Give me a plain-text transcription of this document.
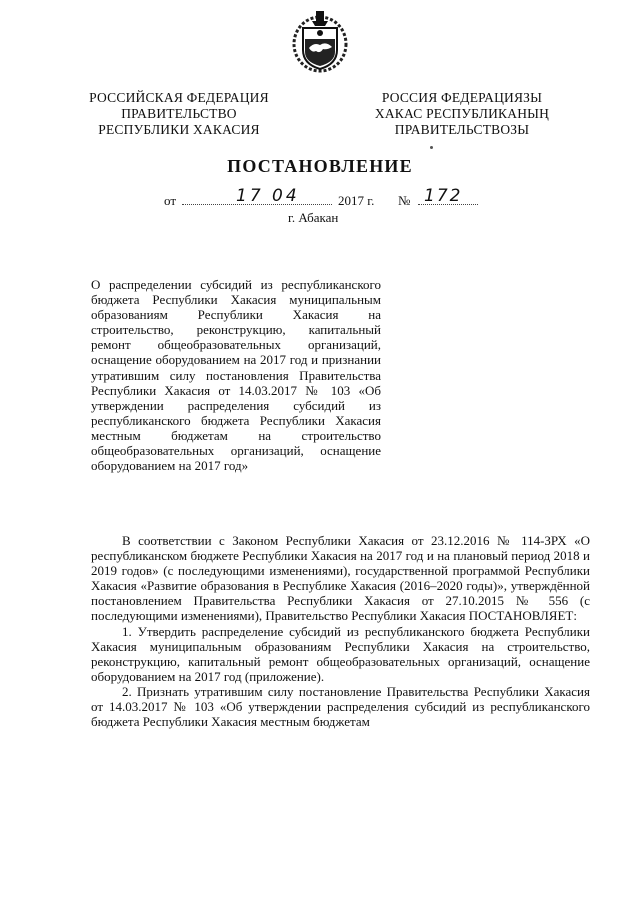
РОССИЙСКАЯ ФЕДЕРАЦИЯ
ПРАВИТЕЛЬСТВО
РЕСПУБЛИКИ ХАКАСИЯ
РОССИЯ ФЕДЕРАЦИЯЗЫ
ХАКАС РЕСПУБЛИКАНЫҢ
ПРАВИТЕЛЬСТВОЗЫ
ПОСТАНОВЛЕНИЕ
от	17 04	2017 г. № 172
г. Абакан
О распределении субсидий из республиканского бюджета Республики Хакасия муниципальным образованиям Республики Хакасия на строительство, реконструкцию, капитальный ремонт общеобразовательных организаций, оснащение оборудованием на 2017 год и признании утратившим силу постановления Правительства Республики Хакасия от 14.03.2017 № 103 «Об утверждении распределения субсидий из республиканского бюджета Республики Хакасия местным бюджетам на строительство общеобразовательных организаций, оснащение оборудованием на 2017 год»

В соответствии с Законом Республики Хакасия от 23.12.2016 № 114-ЗРХ «О республиканском бюджете Республики Хакасия на 2017 год и на плановый период 2018 и 2019 годов» (с последующими изменениями), государственной программой Республики Хакасия «Развитие образования в Республике Хакасия (2016–2020 годы)», утверждённой постановлением Правительства Республики Хакасия от 27.10.2015 № 556 (с последующими изменениями), Правительство Республики Хакасия ПОСТАНОВЛЯЕТ:

1. Утвердить распределение субсидий из республиканского бюджета Республики Хакасия муниципальным образованиям Республики Хакасия на строительство, реконструкцию, капитальный ремонт общеобразовательных организаций, оснащение оборудованием на 2017 год (приложение).

2. Признать утратившим силу постановление Правительства Республики Хакасия от 14.03.2017 № 103 «Об утверждении распределения субсидий из республиканского бюджета Республики Хакасия местным бюджетам
